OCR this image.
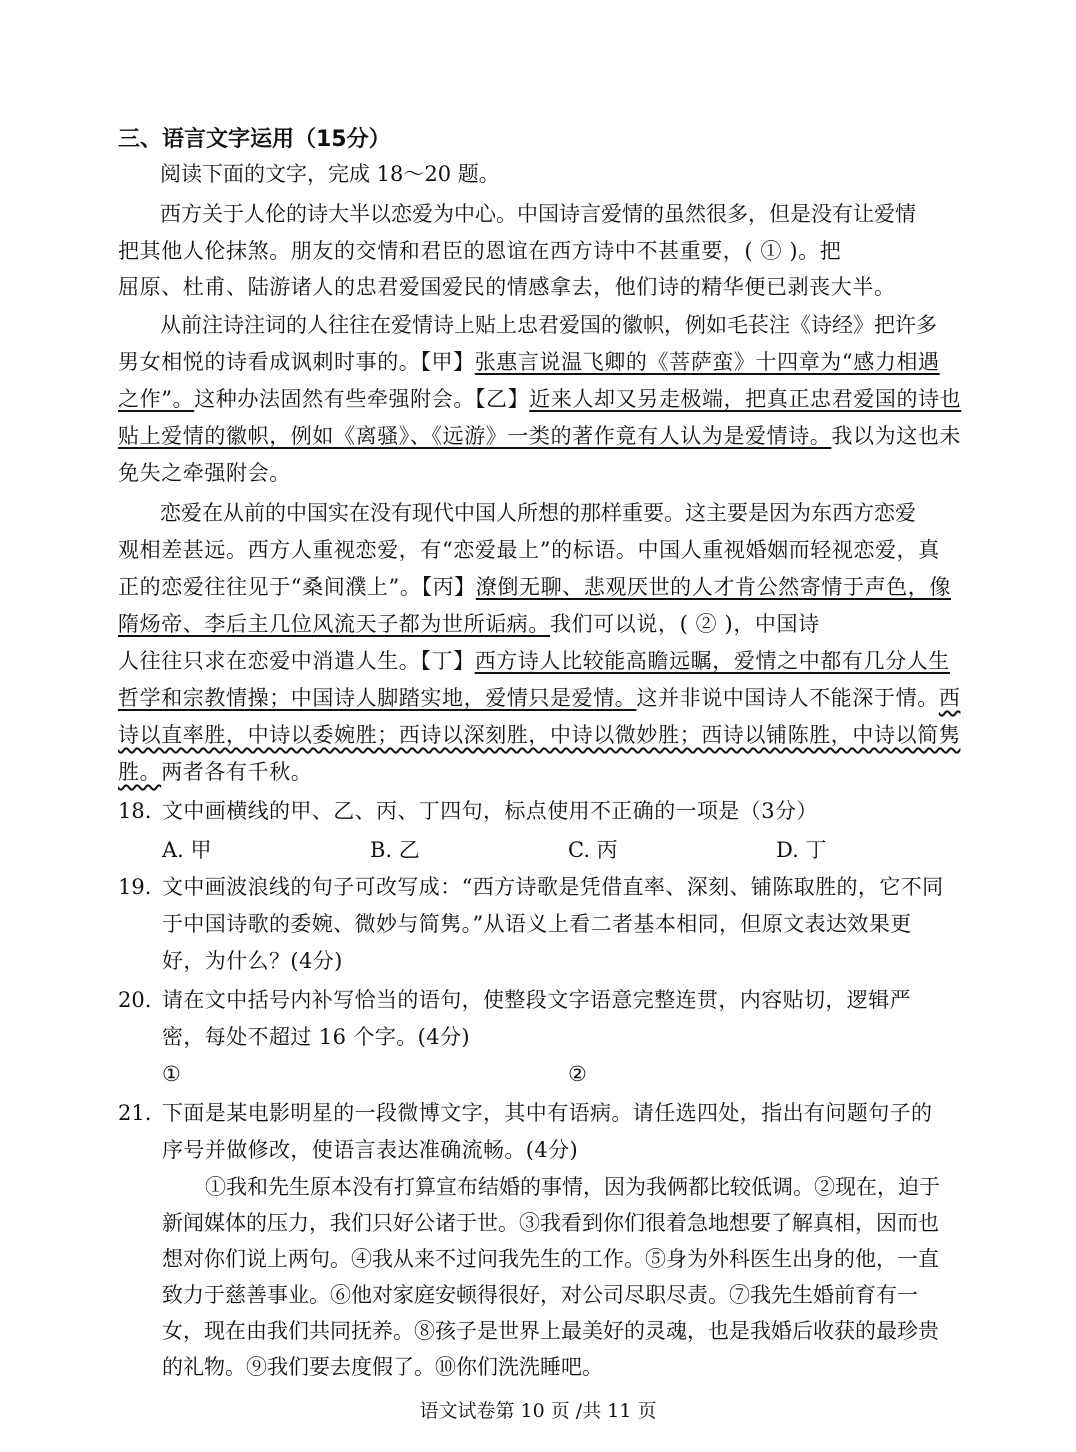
三、语言文字运用（15分）
阅读下面的文字，完成 18～20 题。
西方关于人伦的诗大半以恋爱为中心。中国诗言爱情的虽然很多，但是没有让爱情
把其他人伦抹煞。朋友的交情和君臣的恩谊在西方诗中不甚重要，( ① )。把
屈原、杜甫、陆游诸人的忠君爱国爱民的情感拿去，他们诗的精华便已剥丧大半。
从前注诗注词的人往往在爱情诗上贴上忠君爱国的徽帜，例如毛苌注《诗经》把许多
男女相悦的诗看成讽刺时事的。【甲】张惠言说温飞卿的《菩萨蛮》十四章为“感力相遇
之作”。这种办法固然有些牵强附会。【乙】近来人却又另走极端，把真正忠君爱国的诗也
贴上爱情的徽帜，例如《离骚》、《远游》一类的著作竟有人认为是爱情诗。我以为这也未
免失之牵强附会。
恋爱在从前的中国实在没有现代中国人所想的那样重要。这主要是因为东西方恋爱
观相差甚远。西方人重视恋爱，有“恋爱最上”的标语。中国人重视婚姻而轻视恋爱，真
正的恋爱往往见于“桑间濮上”。【丙】潦倒无聊、悲观厌世的人才肯公然寄情于声色，像
隋炀帝、李后主几位风流天子都为世所诟病。我们可以说，( ② )，中国诗
人往往只求在恋爱中消遣人生。【丁】西方诗人比较能高瞻远瞩，爱情之中都有几分人生
哲学和宗教情操；中国诗人脚踏实地，爱情只是爱情。这并非说中国诗人不能深于情。西
诗以直率胜，中诗以委婉胜；西诗以深刻胜，中诗以微妙胜；西诗以铺陈胜，中诗以简隽
胜。两者各有千秋。
18. 文中画横线的甲、乙、丙、丁四句，标点使用不正确的一项是（3分）
A. 甲	B. 乙	C. 丙	D. 丁
19. 文中画波浪线的句子可改写成：“西方诗歌是凭借直率、深刻、铺陈取胜的，它不同
于中国诗歌的委婉、微妙与简隽。”从语义上看二者基本相同，但原文表达效果更
好，为什么？(4分)
20. 请在文中括号内补写恰当的语句，使整段文字语意完整连贯，内容贴切，逻辑严
密，每处不超过 16 个字。(4分)
①	②
21. 下面是某电影明星的一段微博文字，其中有语病。请任选四处，指出有问题句子的
序号并做修改，使语言表达准确流畅。(4分)
①我和先生原本没有打算宣布结婚的事情，因为我俩都比较低调。②现在，迫于
新闻媒体的压力，我们只好公诸于世。③我看到你们很着急地想要了解真相，因而也
想对你们说上两句。④我从来不过问我先生的工作。⑤身为外科医生出身的他，一直
致力于慈善事业。⑥他对家庭安顿得很好，对公司尽职尽责。⑦我先生婚前育有一
女，现在由我们共同抚养。⑧孩子是世界上最美好的灵魂，也是我婚后收获的最珍贵
的礼物。⑨我们要去度假了。⑩你们洗洗睡吧。
语文试卷第 10 页 /共 11 页
